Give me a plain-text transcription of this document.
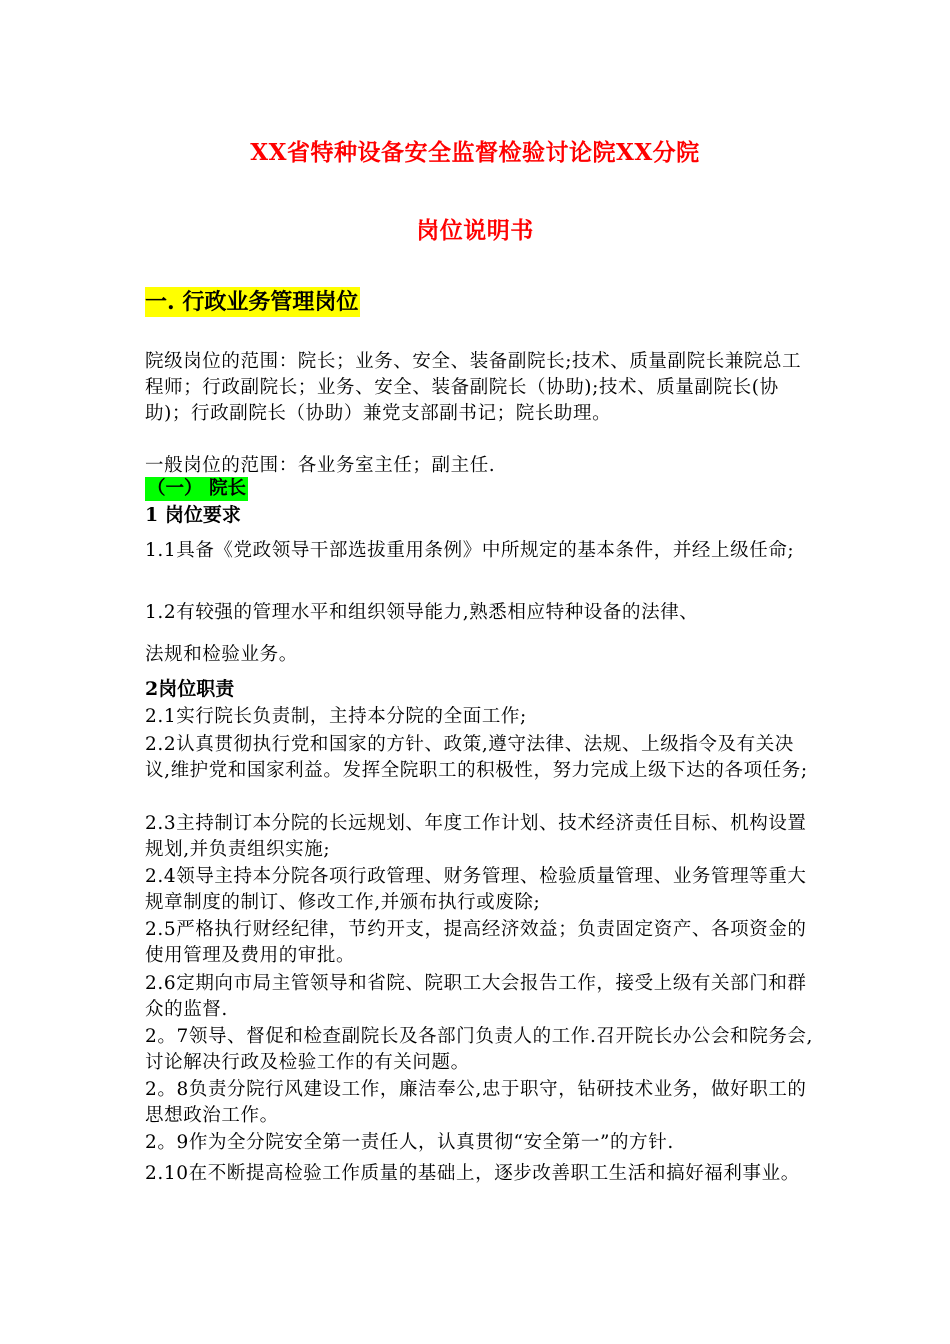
XX省特种设备安全监督检验讨论院XX分院
岗位说明书
一. 行政业务管理岗位
院级岗位的范围：院长；业务、安全、装备副院长;技术、质量副院长兼院总工程师；行政副院长；业务、安全、装备副院长（协助);技术、质量副院长(协助)；行政副院长（协助）兼党支部副书记；院长助理。
一般岗位的范围：各业务室主任；副主任.
（一） 院长
1 岗位要求
1.1具备《党政领导干部选拔重用条例》中所规定的基本条件，并经上级任命;
1.2有较强的管理水平和组织领导能力,熟悉相应特种设备的法律、
法规和检验业务。
2岗位职责
2.1实行院长负责制，主持本分院的全面工作;
2.2认真贯彻执行党和国家的方针、政策,遵守法律、法规、上级指令及有关决议,维护党和国家利益。发挥全院职工的积极性，努力完成上级下达的各项任务;
2.3主持制订本分院的长远规划、年度工作计划、技术经济责任目标、机构设置规划,并负责组织实施;
2.4领导主持本分院各项行政管理、财务管理、检验质量管理、业务管理等重大规章制度的制订、修改工作,并颁布执行或废除;
2.5严格执行财经纪律，节约开支，提高经济效益；负责固定资产、各项资金的使用管理及费用的审批。
2.6定期向市局主管领导和省院、院职工大会报告工作，接受上级有关部门和群众的监督.
2。7领导、督促和检查副院长及各部门负责人的工作.召开院长办公会和院务会,讨论解决行政及检验工作的有关问题。
2。8负责分院行风建设工作，廉洁奉公,忠于职守，钻研技术业务，做好职工的思想政治工作。
2。9作为全分院安全第一责任人，认真贯彻“安全第一”的方针.
2.10在不断提高检验工作质量的基础上，逐步改善职工生活和搞好福利事业。
